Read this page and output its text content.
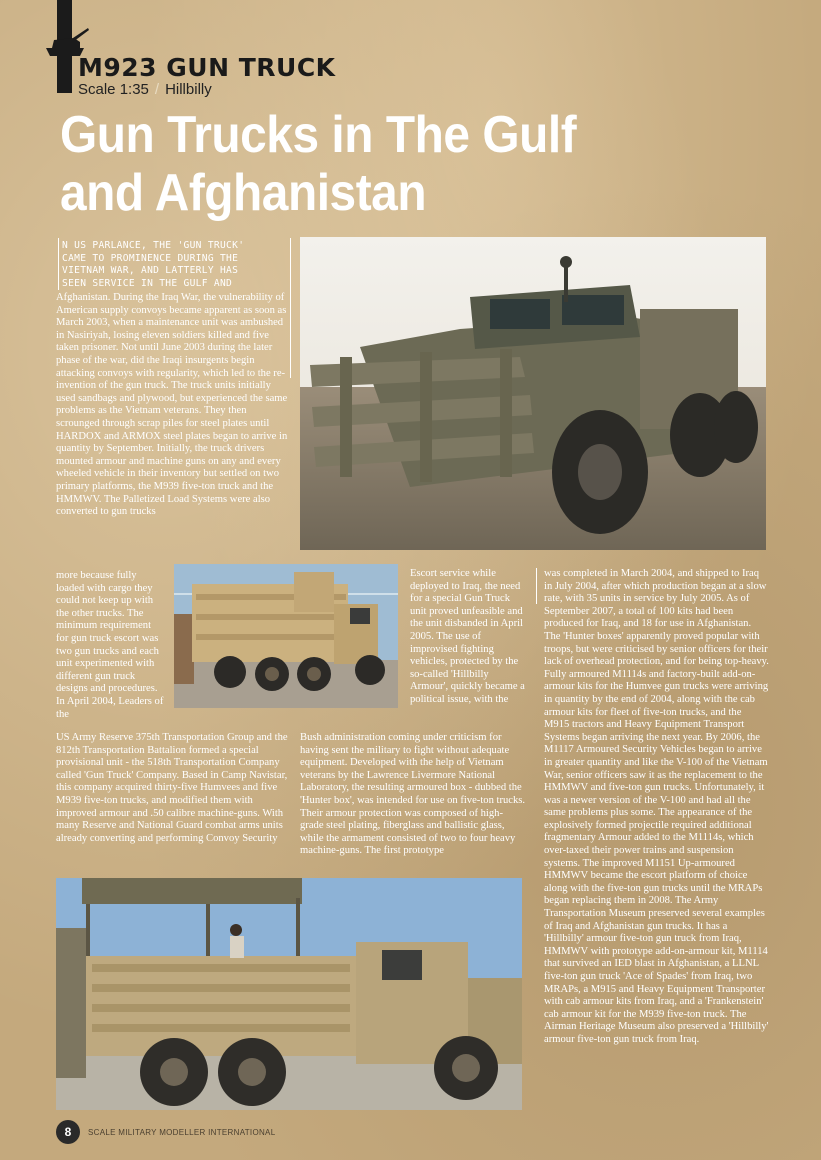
M923 GUN TRUCK
Scale 1:35 / Hillbilly
Gun Trucks in The Gulf
and Afghanistan
N US PARLANCE, THE 'GUN TRUCK'
CAME TO PROMINENCE DURING THE
VIETNAM WAR, AND LATTERLY HAS
SEEN SERVICE IN THE GULF AND

Afghanistan. During the Iraq War, the vulnerability of American supply convoys became apparent as soon as March 2003, when a maintenance unit was ambushed in Nasiriyah, losing eleven soldiers killed and five taken prisoner. Not until June 2003 during the later phase of the war, did the Iraqi insurgents begin attacking convoys with regularity, which led to the re-invention of the gun truck. The truck units initially used sandbags and plywood, but experienced the same problems as the Vietnam veterans. They then scrounged through scrap piles for steel plates until HARDOX and ARMOX steel plates began to arrive in quantity by September. Initially, the truck drivers mounted armour and machine guns on any and every wheeled vehicle in their inventory but settled on two primary platforms, the M939 five-ton truck and the HMMWV. The Palletized Load Systems were also converted to gun trucks

more because fully loaded with cargo they could not keep up with the other trucks. The minimum requirement for gun truck escort was two gun trucks and each unit experimented with different gun truck designs and procedures. In April 2004, Leaders of the

US Army Reserve 375th Transportation Group and the 812th Transportation Battalion formed a special provisional unit - the 518th Transportation Company called 'Gun Truck' Company. Based in Camp Navistar, this company acquired thirty-five Humvees and five M939 five-ton trucks, and modified them with improved armour and .50 calibre machine-guns. With many Reserve and National Guard combat arms units already converting and performing Convoy Security

Escort service while deployed to Iraq, the need for a special Gun Truck unit proved unfeasible and the unit disbanded in April 2005. The use of improvised fighting vehicles, protected by the so-called 'Hillbilly Armour', quickly became a political issue, with the

Bush administration coming under criticism for having sent the military to fight without adequate equipment. Developed with the help of Vietnam veterans by the Lawrence Livermore National Laboratory, the resulting armoured box - dubbed the 'Hunter box', was intended for use on five-ton trucks. Their armour protection was composed of high-grade steel plating, fiberglass and ballistic glass, while the armament consisted of two to four heavy machine-guns. The first prototype

was completed in March 2004, and shipped to Iraq in July 2004, after which production began at a slow rate, with 35 units in service by July 2005. As of September 2007, a total of 100 kits had been produced for Iraq, and 18 for use in Afghanistan. The 'Hunter boxes' apparently proved popular with troops, but were criticised by senior officers for their lack of overhead protection, and for being top-heavy. Fully armoured M1114s and factory-built add-on-armour kits for the Humvee gun trucks were arriving in quantity by the end of 2004, along with the cab armour kits for fleet of five-ton trucks, and the M915 tractors and Heavy Equipment Transport Systems began arriving the next year. By 2006, the M1117 Armoured Security Vehicles began to arrive in greater quantity and like the V-100 of the Vietnam War, senior officers saw it as the replacement to the HMMWV and five-ton gun trucks. Unfortunately, it was a newer version of the V-100 and had all the same problems plus some. The appearance of the explosively formed projectile required additional fragmentary Armour added to the M1114s, which over-taxed their power trains and suspension systems. The improved M1151 Up-armoured HMMWV became the escort platform of choice along with the five-ton gun trucks until the MRAPs began replacing them in 2008. The Army Transportation Museum preserved several examples of Iraq and Afghanistan gun trucks. It has a 'Hillbilly' armour five-ton gun truck from Iraq, HMMWV with prototype add-on-armour kit, M1114 that survived an IED blast in Afghanistan, a LLNL five-ton gun truck 'Ace of Spades' from Iraq, two MRAPs, a M915 and Heavy Equipment Transporter with cab armour kits from Iraq, and a 'Frankenstein' cab armour kit for the M939 five-ton truck. The Airman Heritage Museum also preserved a 'Hillbilly' armour five-ton gun truck from Iraq.

8	SCALE MILITARY MODELLER INTERNATIONAL
